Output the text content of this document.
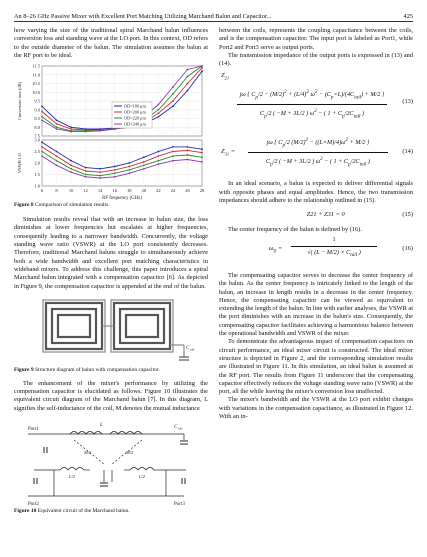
An 8–26 GHz Passive Mixer with Excellent Port Matching Utilizing Marchand Balun and Capacitor...	425

how varying the size of the traditional spiral Marchand balun influences conversion loss and standing wave at the LO port. In this context, OD refers to the outside diameter of the balun. The simulation assumes the balun at the RF port to be ideal.

7.5
8.0
8.5
9.0
9.5
10.0
10.5
11.0
11.5
Conversion loss (dB)
1.0
1.5
2.0
2.5
3.0
VSWR LO
6	8 10 12 14 16 18 20 22 24 26 28
RF frequency (GHz)
OD=180 μm
OD=200 μm
OD=220 μm
OD=240 μm

Figure 8 Comparison of simulation results.

Simulation results reveal that with an increase in balun size, the loss diminishes at lower frequencies but escalates at higher frequencies, consequently leading to a narrower bandwidth. Concurrently, the voltage standing wave ratio (VSWR) at the LO port consistently decreases. Therefore, traditional Marchand baluns struggle to simultaneously achieve both a wide bandwidth and excellent port matching characteristics in wideband mixers. To address this challenge, this paper introduces a spiral Marchand balun integrated with a compensation capacitor [6]. As depicted in Figure 9, the compensation capacitor is appended at the end of the balun.

C tail

Figure 9 Structure diagram of balun with compensation capacitor.

The enhancement of the mixer's performance by utilizing the compensation capacitor is elucidated as follows. Figure 10 illustrates the equivalent circuit diagram of the Marchand balun [7]. In this diagram, L signifies the self-inductance of the coil, M denotes the mutual inductance

Port1
Port2	Port3
L	C tail
L/2	L/2
M/2	M/2

Figure 10 Equivalent circuit of the Marchand balun.

between the coils, represents the coupling capacitance between the coils, and is the compensation capacitor. The input port is labeled as Port1, while Port2 and Port3 serve as output ports.

The transmission impedance of the output ports is expressed in (13) and (14).

$Z_{21}$
jω { $C_p/2 - (M/2)^2 + (L/4)^2$ $\omega^2 - (C_p\times L)/(4C_{tail}) + M/2$ }
$C_p/2$ ( −M + 3L/2 ) $\omega^2$ − ( $1 + C_p/2C_{tail}$ )
(13)
$Z_{31}$ =
jω { $C_p/2$ $(M/2)^2 - ((L\times M)/4)\omega^2 + M/2$ }
$C_p/2$ ( −M + 3L/2 ) $\omega^2$ − ( $1 + C_p/2C_{tail}$ )
(14)

In an ideal scenario, a balun is expected to deliver differential signals with opposite phases and equal amplitudes. Hence, the two transmission impedances should adhere to the relationship outlined in (15).

Z21 + Z31 = 0	(15)

The center frequency of the balun is defined by (16).

$\omega_0$ =
1
√( $(L - M/2) \times C_{tail}$ )
(16)

The compensating capacitor serves to decrease the center frequency of the balun. As the center frequency is intricately linked to the length of the balun, an increase in length results in a decrease in the center frequency. Hence, the compensating capacitor can be viewed as equivalent to extending the length of the balun. In line with earlier analyses, the VSWR at the port diminishes with an increase in the balun's size. Consequently, the compensating capacitor facilitates achieving a harmonious balance between the operational bandwidth and VSWR of the mixer.

To demonstrate the advantageous impact of compensation capacitors on circuit performance, an ideal mixer circuit is constructed. The ideal mixer structure is depicted in Figure 2, and the corresponding simulation results are illustrated in Figure 11. In this simulation, an ideal balun is assumed at the RF port. The results from Figure 11 underscore that the compensating capacitor effectively reduces the voltage standing wave ratio (VSWR) at the port, all the while leaving the mixer's conversion loss unaffected.

The mixer's bandwidth and the VSWR at the LO port exhibit changes with variations in the compensation capacitance, as illustrated in Figure 12. With an in-
